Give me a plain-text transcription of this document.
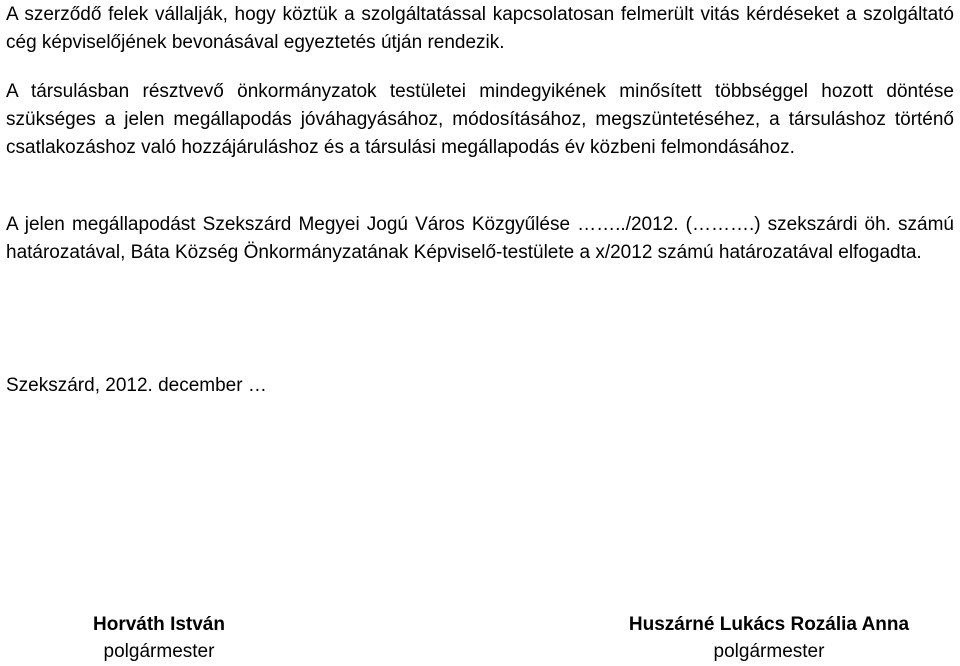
A szerződő felek vállalják, hogy köztük a szolgáltatással kapcsolatosan felmerült vitás kérdéseket a szolgáltató cég képviselőjének bevonásával egyeztetés útján rendezik.

A társulásban résztvevő önkormányzatok testületei mindegyikének minősített többséggel hozott döntése szükséges a jelen megállapodás jóváhagyásához, módosításához, megszüntetéséhez, a társuláshoz történő csatlakozáshoz való hozzájáruláshoz és a társulási megállapodás év közbeni felmondásához.

A jelen megállapodást Szekszárd Megyei Jogú Város Közgyűlése ……../2012. (……….) szekszárdi öh. számú határozatával, Báta Község Önkormányzatának Képviselő-testülete a x/2012 számú határozatával elfogadta.

Szekszárd, 2012. december …

Horváth István
polgármester
Huszárné Lukács Rozália Anna
polgármester
